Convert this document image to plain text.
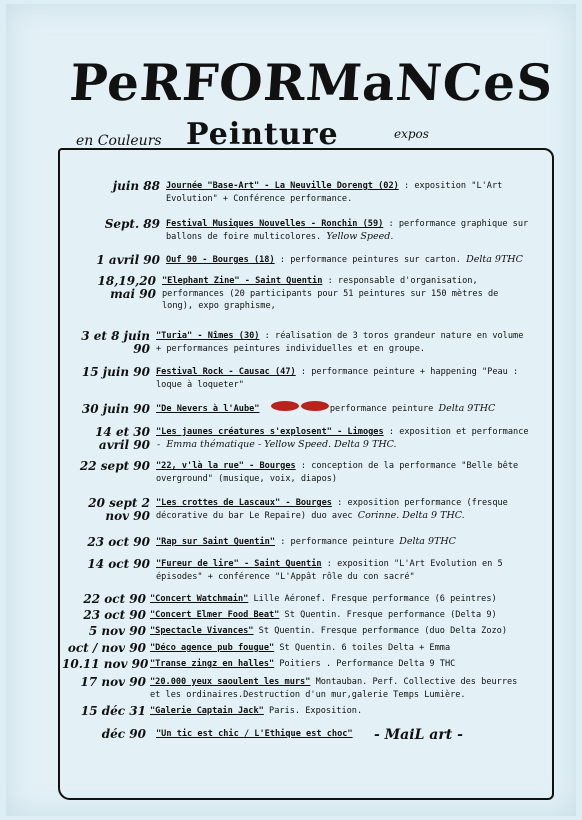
PeRFORMaNCeS
en Couleurs Peinture	expos
juin 88 Journée "Base-Art" - La Neuville Dorengt (02) : exposition "L'Art Evolution" + Conférence performance.
Sept. 89 Festival Musiques Nouvelles - Ronchin (59) : performance graphique sur ballons de foire multicolores. Yellow Speed.
1 avril 90 Ouf 90 - Bourges (18) : performance peintures sur carton. Delta 9THC
18,19,20 mai 90
"Elephant Zine" - Saint Quentin : responsable d'organisation, performances (20 participants pour 51 peintures sur 150 mètres de long), expo graphisme,
3 et 8 juin 90
"Turia" - Nîmes (30) : réalisation de 3 toros grandeur nature en volume + performances peintures individuelles et en groupe.
15 juin 90 Festival Rock - Causac (47) : performance peinture + happening "Peau : loque à loqueter"
30 juin 90 "De Nevers à l'Aube"	performance peinture Delta 9THC
14 et 30 avril 90
"Les jaunes créatures s'explosent" - Limoges : exposition et performance - Emma thématique - Yellow Speed. Delta 9 THC.
22 sept 90 "22, v'là la rue" - Bourges : conception de la performance "Belle bête overground" (musique, voix, diapos)
20 sept 2 nov 90
"Les crottes de Lascaux" - Bourges : exposition performance (fresque décorative du bar Le Repaire) duo avec Corinne. Delta 9 THC.
23 oct 90 "Rap sur Saint Quentin" : performance peinture Delta 9THC
14 oct 90 "Fureur de lire" - Saint Quentin : exposition "L'Art Evolution en 5 épisodes" + conférence "L'Appât rôle du con sacré"
22 oct 90 "Concert Watchmain" Lille Aéronef. Fresque performance (6 peintres)
23 oct 90 "Concert Elmer Food Beat" St Quentin. Fresque performance (Delta 9)
5 nov 90 "Spectacle Vivances" St Quentin. Fresque performance (duo Delta Zozo)
oct / nov 90 "Déco agence pub fougue" St Quentin. 6 toiles Delta + Emma
10.11 nov 90 "Transe zingz en halles" Poitiers . Performance Delta 9 THC
17 nov 90 "20.000 yeux saoulent les murs" Montauban. Perf. Collective des beurres et les ordinaires.Destruction d'un mur,galerie Temps Lumière.
15 déc 31 "Galerie Captain Jack" Paris. Exposition.
déc 90 "Un tic est chic / L'Ethique est choc"	- MaiL art -
